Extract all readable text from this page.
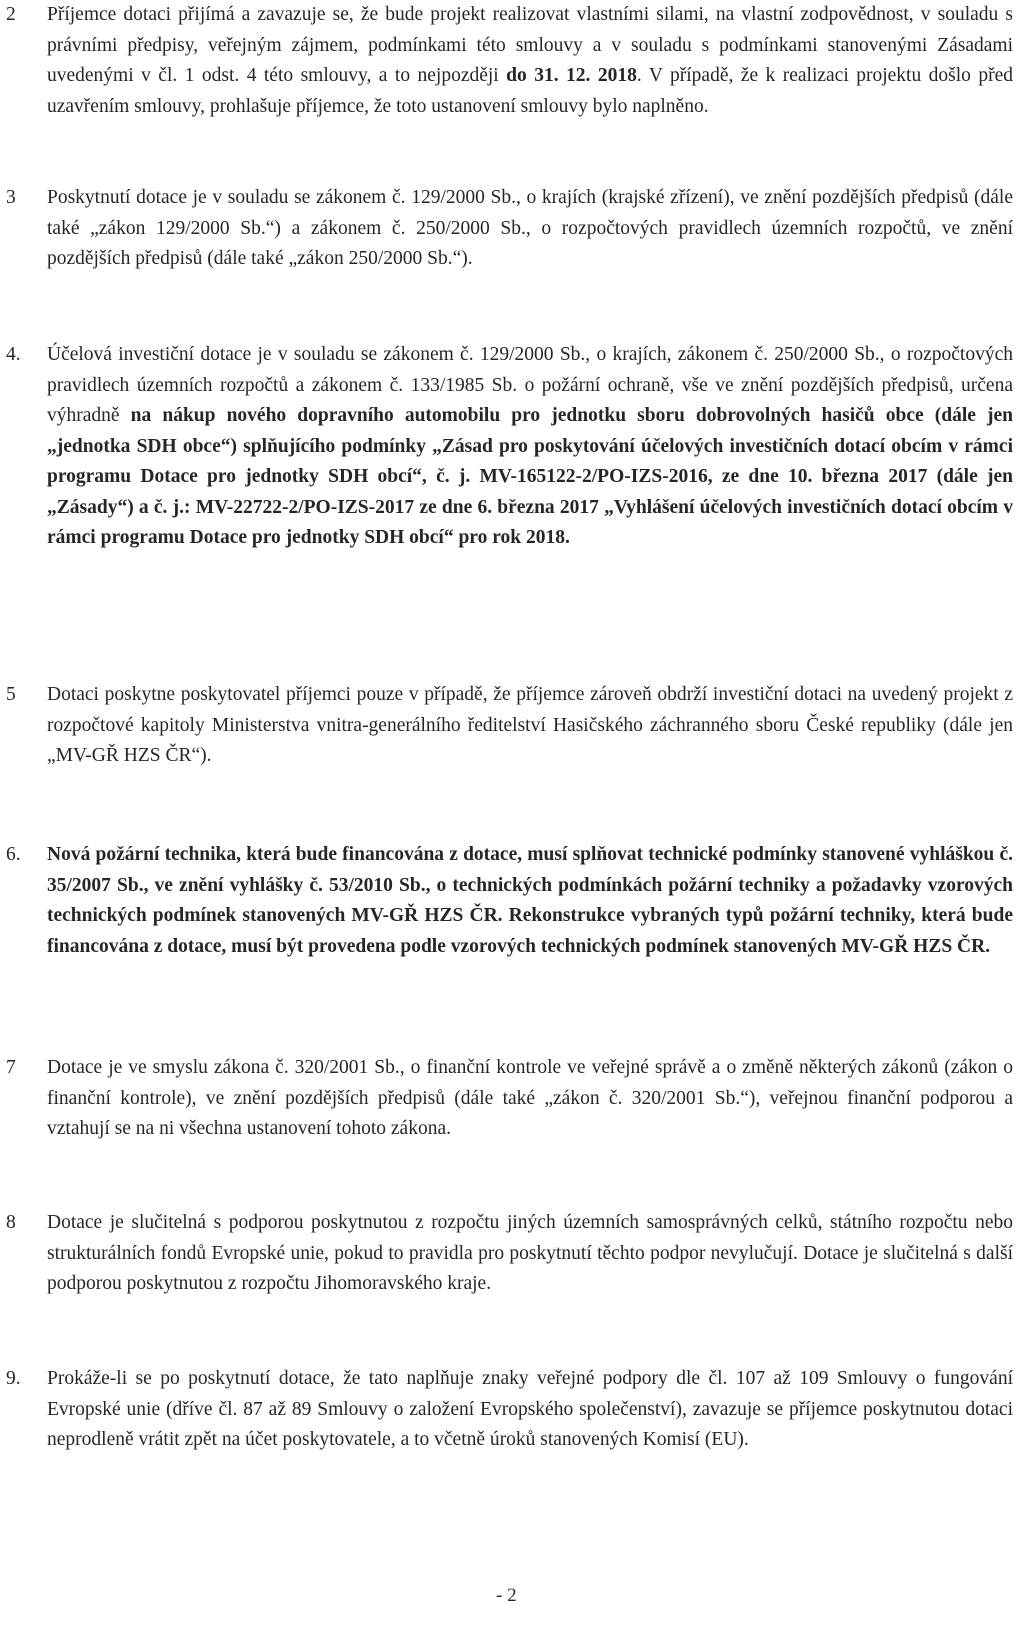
2	Příjemce dotaci přijímá a zavazuje se, že bude projekt realizovat vlastními silami, na vlastní zodpovědnost, v souladu s právními předpisy, veřejným zájmem, podmínkami této smlouvy a v souladu s podmínkami stanovenými Zásadami uvedenými v čl. 1 odst. 4 této smlouvy, a to nejpozději do 31. 12. 2018. V případě, že k realizaci projektu došlo před uzavřením smlouvy, prohlašuje příjemce, že toto ustanovení smlouvy bylo naplněno.
3	Poskytnutí dotace je v souladu se zákonem č. 129/2000 Sb., o krajích (krajské zřízení), ve znění pozdějších předpisů (dále také „zákon 129/2000 Sb.“) a zákonem č. 250/2000 Sb., o rozpočtových pravidlech územních rozpočtů, ve znění pozdějších předpisů (dále také „zákon 250/2000 Sb.“).
4.	Účelová investiční dotace je v souladu se zákonem č. 129/2000 Sb., o krajích, zákonem č. 250/2000 Sb., o rozpočtových pravidlech územních rozpočtů a zákonem č. 133/1985 Sb. o požární ochraně, vše ve znění pozdějších předpisů, určena výhradně na nákup nového dopravního automobilu pro jednotku sboru dobrovolných hasičů obce (dále jen „jednotka SDH obce“) splňujícího podmínky „Zásad pro poskytování účelových investičních dotací obcím v rámci programu Dotace pro jednotky SDH obcí“, č. j. MV-165122-2/PO-IZS-2016, ze dne 10. března 2017 (dále jen „Zásady“) a č. j.: MV-22722-2/PO-IZS-2017 ze dne 6. března 2017 „Vyhlášení účelových investičních dotací obcím v rámci programu Dotace pro jednotky SDH obcí“ pro rok 2018.
5	Dotaci poskytne poskytovatel příjemci pouze v případě, že příjemce zároveň obdrží investiční dotaci na uvedený projekt z rozpočtové kapitoly Ministerstva vnitra-generálního ředitelství Hasičského záchranného sboru České republiky (dále jen „MV-GŘ HZS ČR“).
6.	Nová požární technika, která bude financována z dotace, musí splňovat technické podmínky stanovené vyhláškou č. 35/2007 Sb., ve znění vyhlášky č. 53/2010 Sb., o technických podmínkách požární techniky a požadavky vzorových technických podmínek stanovených MV-GŘ HZS ČR. Rekonstrukce vybraných typů požární techniky, která bude financována z dotace, musí být provedena podle vzorových technických podmínek stanovených MV-GŘ HZS ČR.
7	Dotace je ve smyslu zákona č. 320/2001 Sb., o finanční kontrole ve veřejné správě a o změně některých zákonů (zákon o finanční kontrole), ve znění pozdějších předpisů (dále také „zákon č. 320/2001 Sb.“), veřejnou finanční podporou a vztahují se na ni všechna ustanovení tohoto zákona.
8	Dotace je slučitelná s podporou poskytnutou z rozpočtu jiných územních samosprávných celků, státního rozpočtu nebo strukturálních fondů Evropské unie, pokud to pravidla pro poskytnutí těchto podpor nevylučují. Dotace je slučitelná s další podporou poskytnutou z rozpočtu Jihomoravského kraje.
9.	Prokáže-li se po poskytnutí dotace, že tato naplňuje znaky veřejné podpory dle čl. 107 až 109 Smlouvy o fungování Evropské unie (dříve čl. 87 až 89 Smlouvy o založení Evropského společenství), zavazuje se příjemce poskytnutou dotaci neprodleně vrátit zpět na účet poskytovatele, a to včetně úroků stanovených Komisí (EU).
- 2
